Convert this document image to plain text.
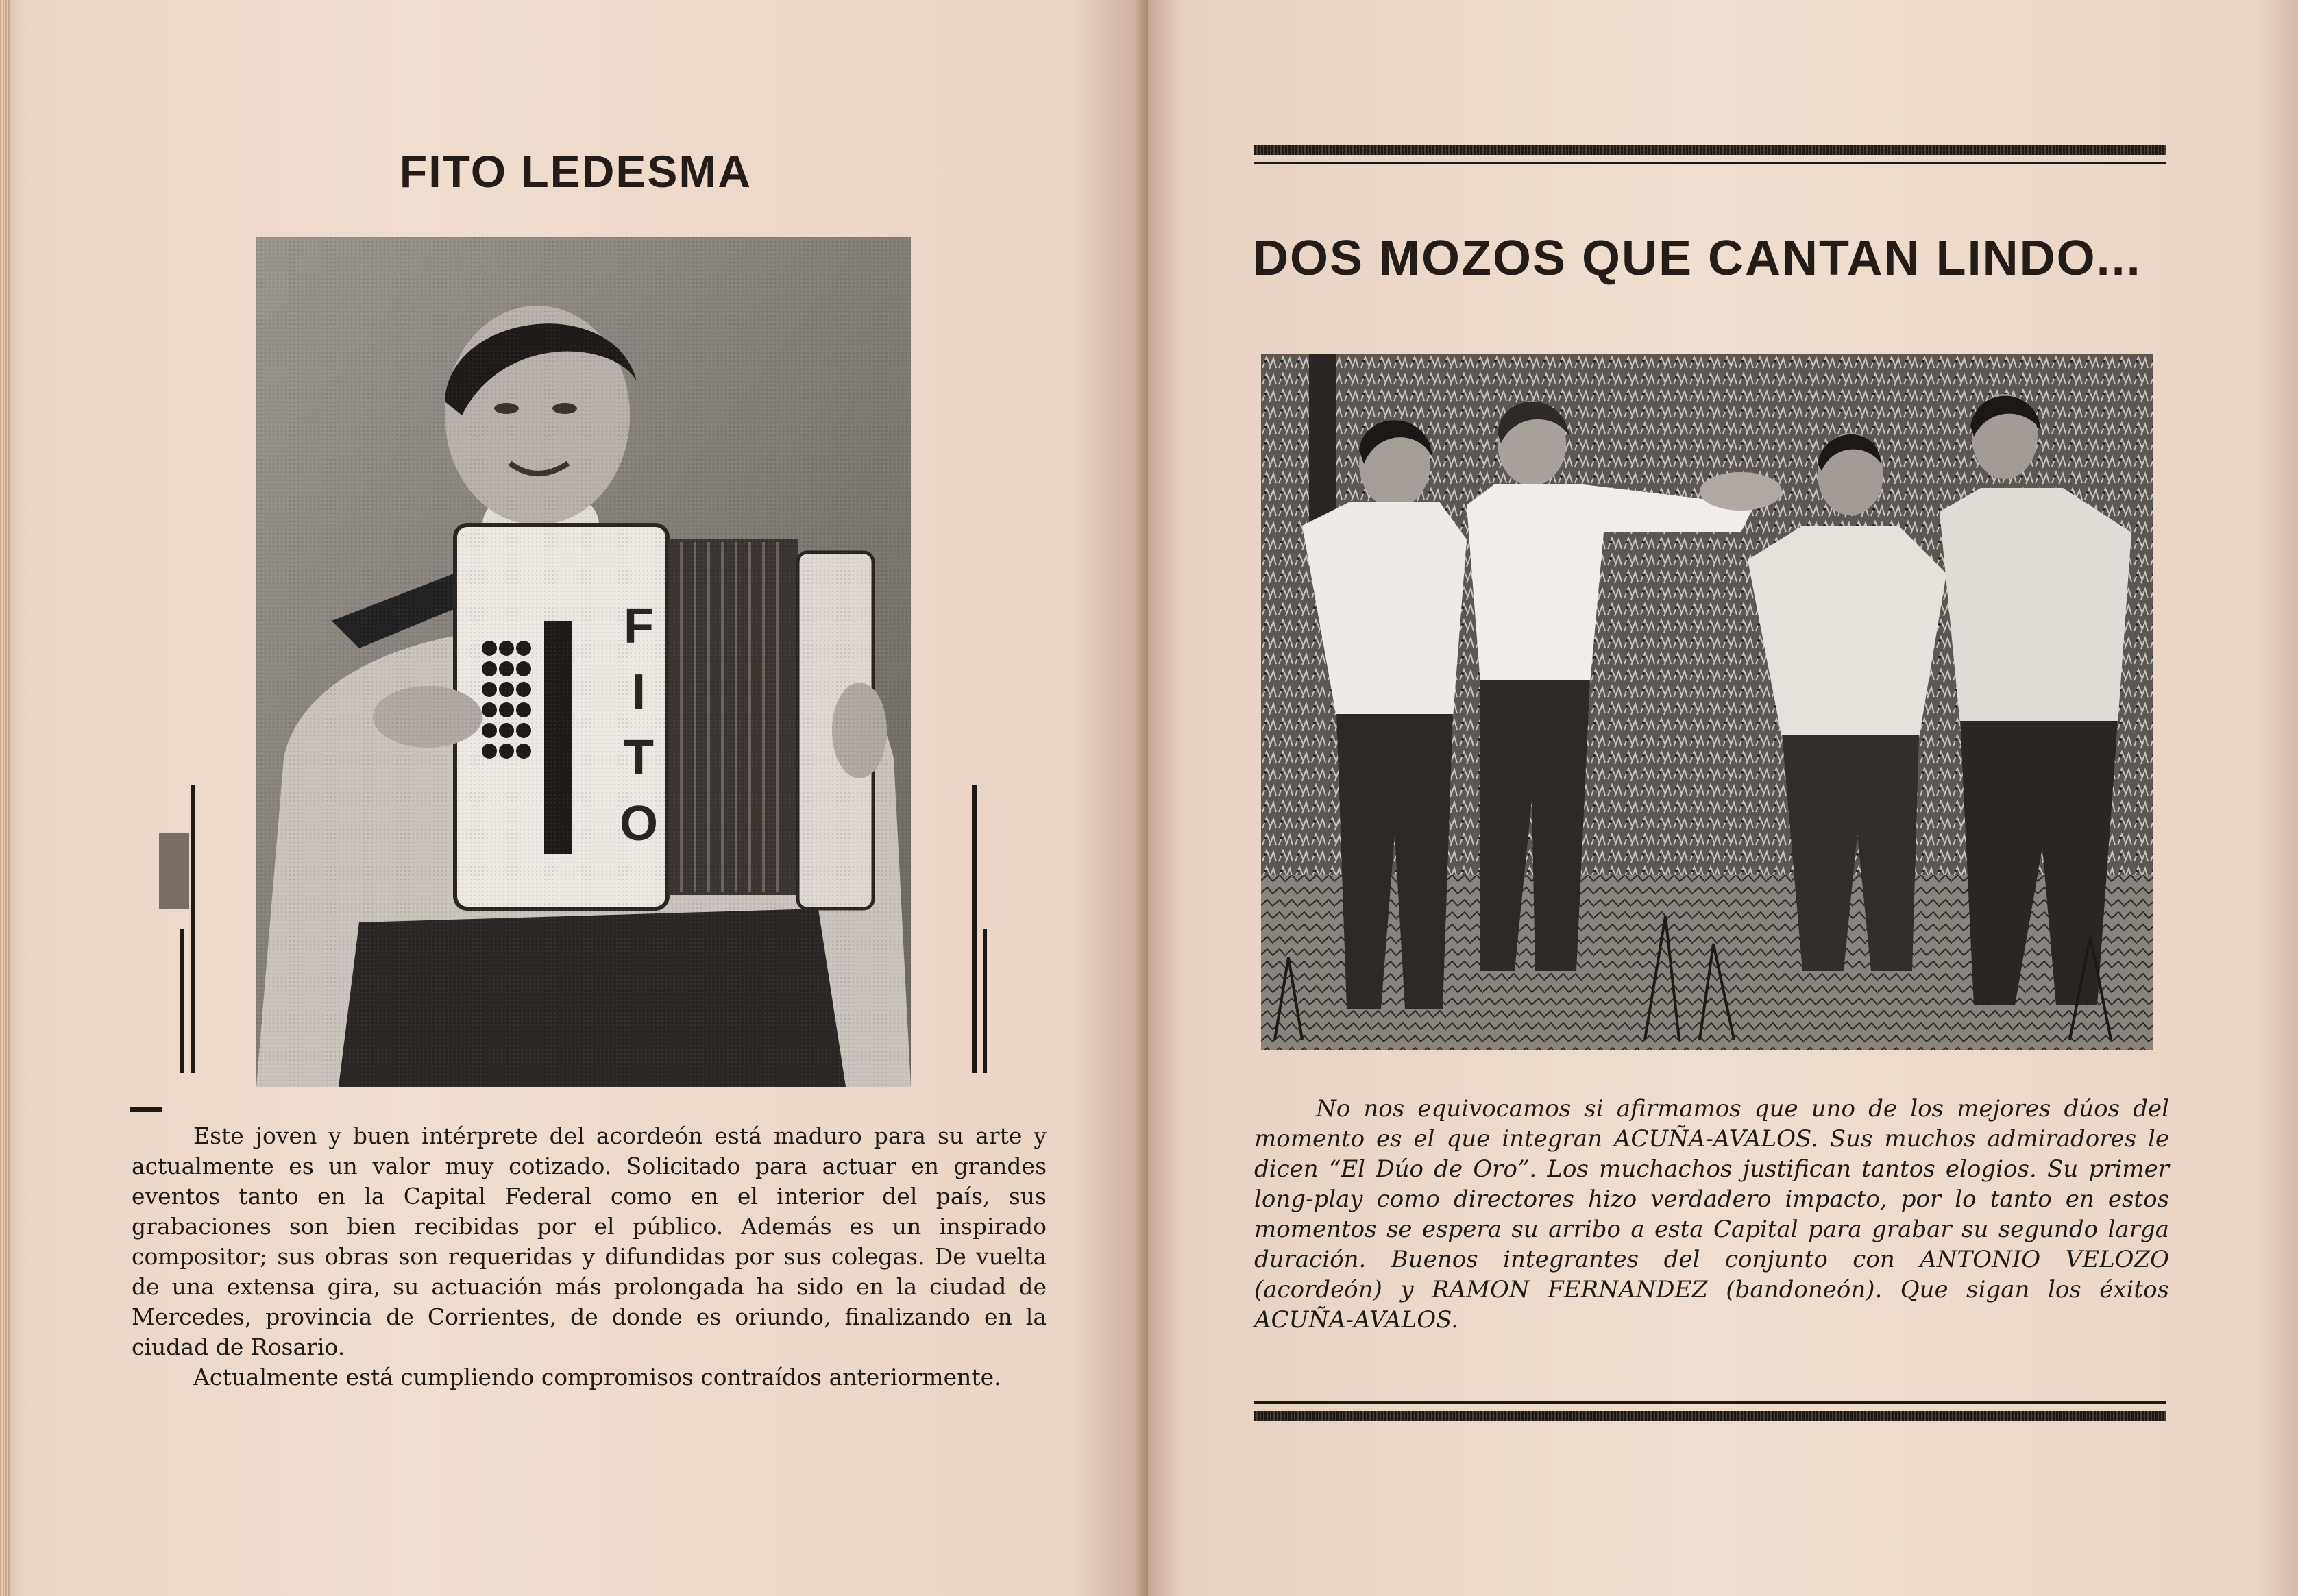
FITO LEDESMA
F
I
T
O

Este joven y buen intérprete del acordeón está maduro para su arte y actualmente es un valor muy cotizado. Solicitado para actuar en grandes eventos tanto en la Capital Federal como en el interior del país, sus grabaciones son bien recibidas por el público. Además es un inspirado compositor; sus obras son requeridas y difundidas por sus colegas. De vuelta de una extensa gira, su actuación más prolongada ha sido en la ciudad de Mercedes, provincia de Corrientes, de donde es oriundo, finalizando en la ciudad de Rosario.

Actualmente está cumpliendo compromisos contraídos anteriormente.

DOS MOZOS QUE CANTAN LINDO...

No nos equivocamos si afirmamos que uno de los mejores dúos del momento es el que integran ACUÑA-AVALOS. Sus muchos admiradores le dicen “El Dúo de Oro”. Los muchachos justifican tantos elogios. Su primer long-play como directores hizo verdadero impacto, por lo tanto en estos momentos se espera su arribo a esta Capital para grabar su segundo larga duración. Buenos integrantes del conjunto con ANTONIO VELOZO (acordeón) y RAMON FERNANDEZ (bandoneón). Que sigan los éxitos ACUÑA-AVALOS.
